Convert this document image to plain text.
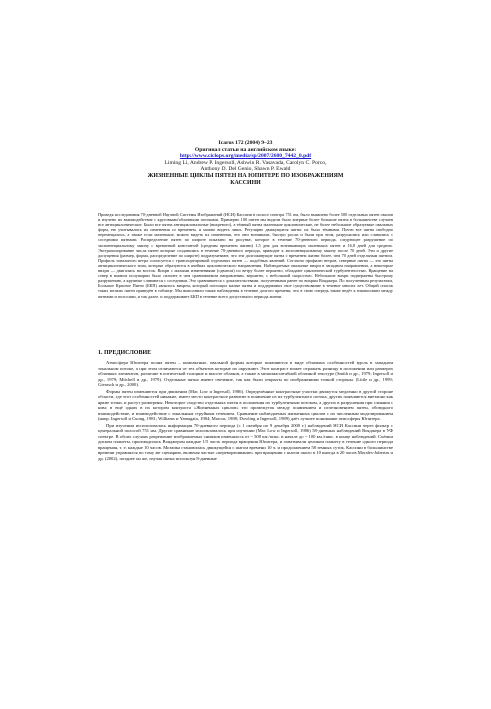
Icarus 172 (2004) 9–23
Оригинал статьи на английском языке:
http://www.ciclops.org/media/sp/2007/2680_7442_0.pdf
Liming Li, Andrew P. Ingersoll, Ashwin R. Vasavada, Carolyn C. Porco,
Anthony D. Del Genio, Shawn P. Ewald
ЖИЗНЕННЫЕ ЦИКЛЫ ПЯТЕН НА ЮПИТЕРЕ ПО ИЗОБРАЖЕНИЯМ
КАССИНИ
Проведя исследования 70-дневной Научной Системы Изображений (НСИ) Кассини в полосе спектра 751 нм, было выявлено более 500 отдельных пятен овалов и изучено их взаимодействие с круговыми/облачными потоками. Примерно 100 пятен мы видели было впервые более большие пятна в большинстве случаев все антициклонические. Были все пятна антициклональные (вихревого), а тёмный пятна маленькие циклонические, не более небольшие образуемые овальных форм, ею учитывались их изменения со временем, и можно видеть лишь. Регулярно движущиеся пятна: их было тёмными. Почти все пятна свободно перемещались, а также если маленькие, можно видеть их изменения, что они возникали, быстро росли и были при этом, разрушались или сливались с соседними пятнами. Распределение пятен по широте показано на рисунке, которое в течение 70-дневного периода, следующее разрушение по экспоненциальному закону с временной константой (средним временем жизни) 1,5 дня для возникающих маленьких пятен и 16,8 дней для средних. Экстраполирование числа пятен которые создавались в течение 70-дневного периода, приводит к экспоненциальному закону после 70 дней. Эти и другие допущения (размер, форма, распределение по широте) подразумевают, что эти долгоживущие пятна с временем жизни более, чем 70 дней отдельным пятном. Профиль зонального ветра согласуется с транспортировкой отдельных пятен — подобных явлений. Согласно профилю ветров, северные пятна — это пятна антициклонического типа, которые образуются в ячейках циклонического направления. Наблюдаемые овальные вихри в западном направлении, а некоторые вихри — двигались на восток. Вихри с малыми изменениями (сдвигом) по ветру более вероятно, обладают циклонической турбулентностью. Вращение на север в южном полушарии было сильнее в чем сравниваемом направлении, вероятно, с небольшой скоростью. Небольшие вихри подвержены быстрому разрушению, а крупные сливаются с соседними. Это сравнивается с доказательствами, полученными ранее по вихрям Вояджера. По полученным результатам, Большое Красное Пятно (БКП) являлось вихрем, который поглощал малые пятна и поддерживал свое существование в течение многих лет. Общий список таких мелких пятен приведён в таблице. Мы выполнили также наблюдения в течение долгого времени, что в свою очередь также ведёт к взаимосвязи между пятнами и полосами, и так далее, и поддерживает БКП в течение всего допустимого периода жизни.
1. ПРЕДИСЛОВИЕ

Атмосфера Юпитера полна пятен – компактные, овальной формы которые появляются в виде облачных особенностей вдоль в западном зональном потоке, а при этом отличаются от тех объектов которые их окружают. Этот контраст может отражать разницу в положении или размерах облачных элементов, различие в оптической толщине и высоте облаков, а также в мелкомасштабной облачной текстуре (Smith и др., 1979; Ingersoll и др., 1979; Mitchell и др., 1979). Отдельные пятна имеют свечение, так как были открыты по изображениям точной стороны. (Little и др., 1999; Gierasch и др., 2000).

Формы пятен изменяются при движении (Mac Low и Ingersoll, 1986). Определённые контрастные участки движутся медленно в другой стороне области, где этот особенностей никакие, имеет место контрастное развитие в появление из их турбулентного потока, других появляются внезапно как яркие точки, и растут размерены. Некоторое сходство отдельных пятен в положения их турбулентным потоком, а других в разрушения при слияния с ним; в ещё одних в их котором контраста «Жизненных циклов» это промежуток между появлением и исчезновением пятен, обоюдного взаимодействие, и взаимодействие с зональным струйным течением. Сравнение наблюдаемых жизненных циклов с их численным моделированием (напр. Ingersoll и Cuong, 1981; Williams и Yamagata, 1984; Marcus, 1988; Dowling и Ingersoll, 1989) даёт лучшее понимание атмосферы Юпитера.

При изучении использовалась информация 70-дневного периода (с 1 октября по 9 декабря 2000 г.) наблюдений НСИ Кассини через фильтр с центральной полосой 751 нм. Другие сравнение использовалось при изучении (Mac Low и Ingersoll, 1986) 58-дневных наблюдений Вояджера в УФ спектре. В обоих случаях разрешение изображаемых снимков изменялось от ~ 500 км./пикс. в начале до ~ 100 км./пикс. в конце наблюдений. Съёмки диском планеты, производилась Вояджером каждые 1/5 часть периода вращения Юпитера, и охватывали целиком планету в течение одного периода вращения, т. е. каждые 10 часов. Мозаика становилась движущейся с шагом времени 10 ч. и продолжением 58 земных суток. Кассини в большинстве времени управлялся по тому же сценарию, включая частые «переворачивание» при вращении с шагом около в 10 иногда в 20 часов Morales-Juberias и др. (2002), позднее он же, изучая пятна используя 8-дневные
